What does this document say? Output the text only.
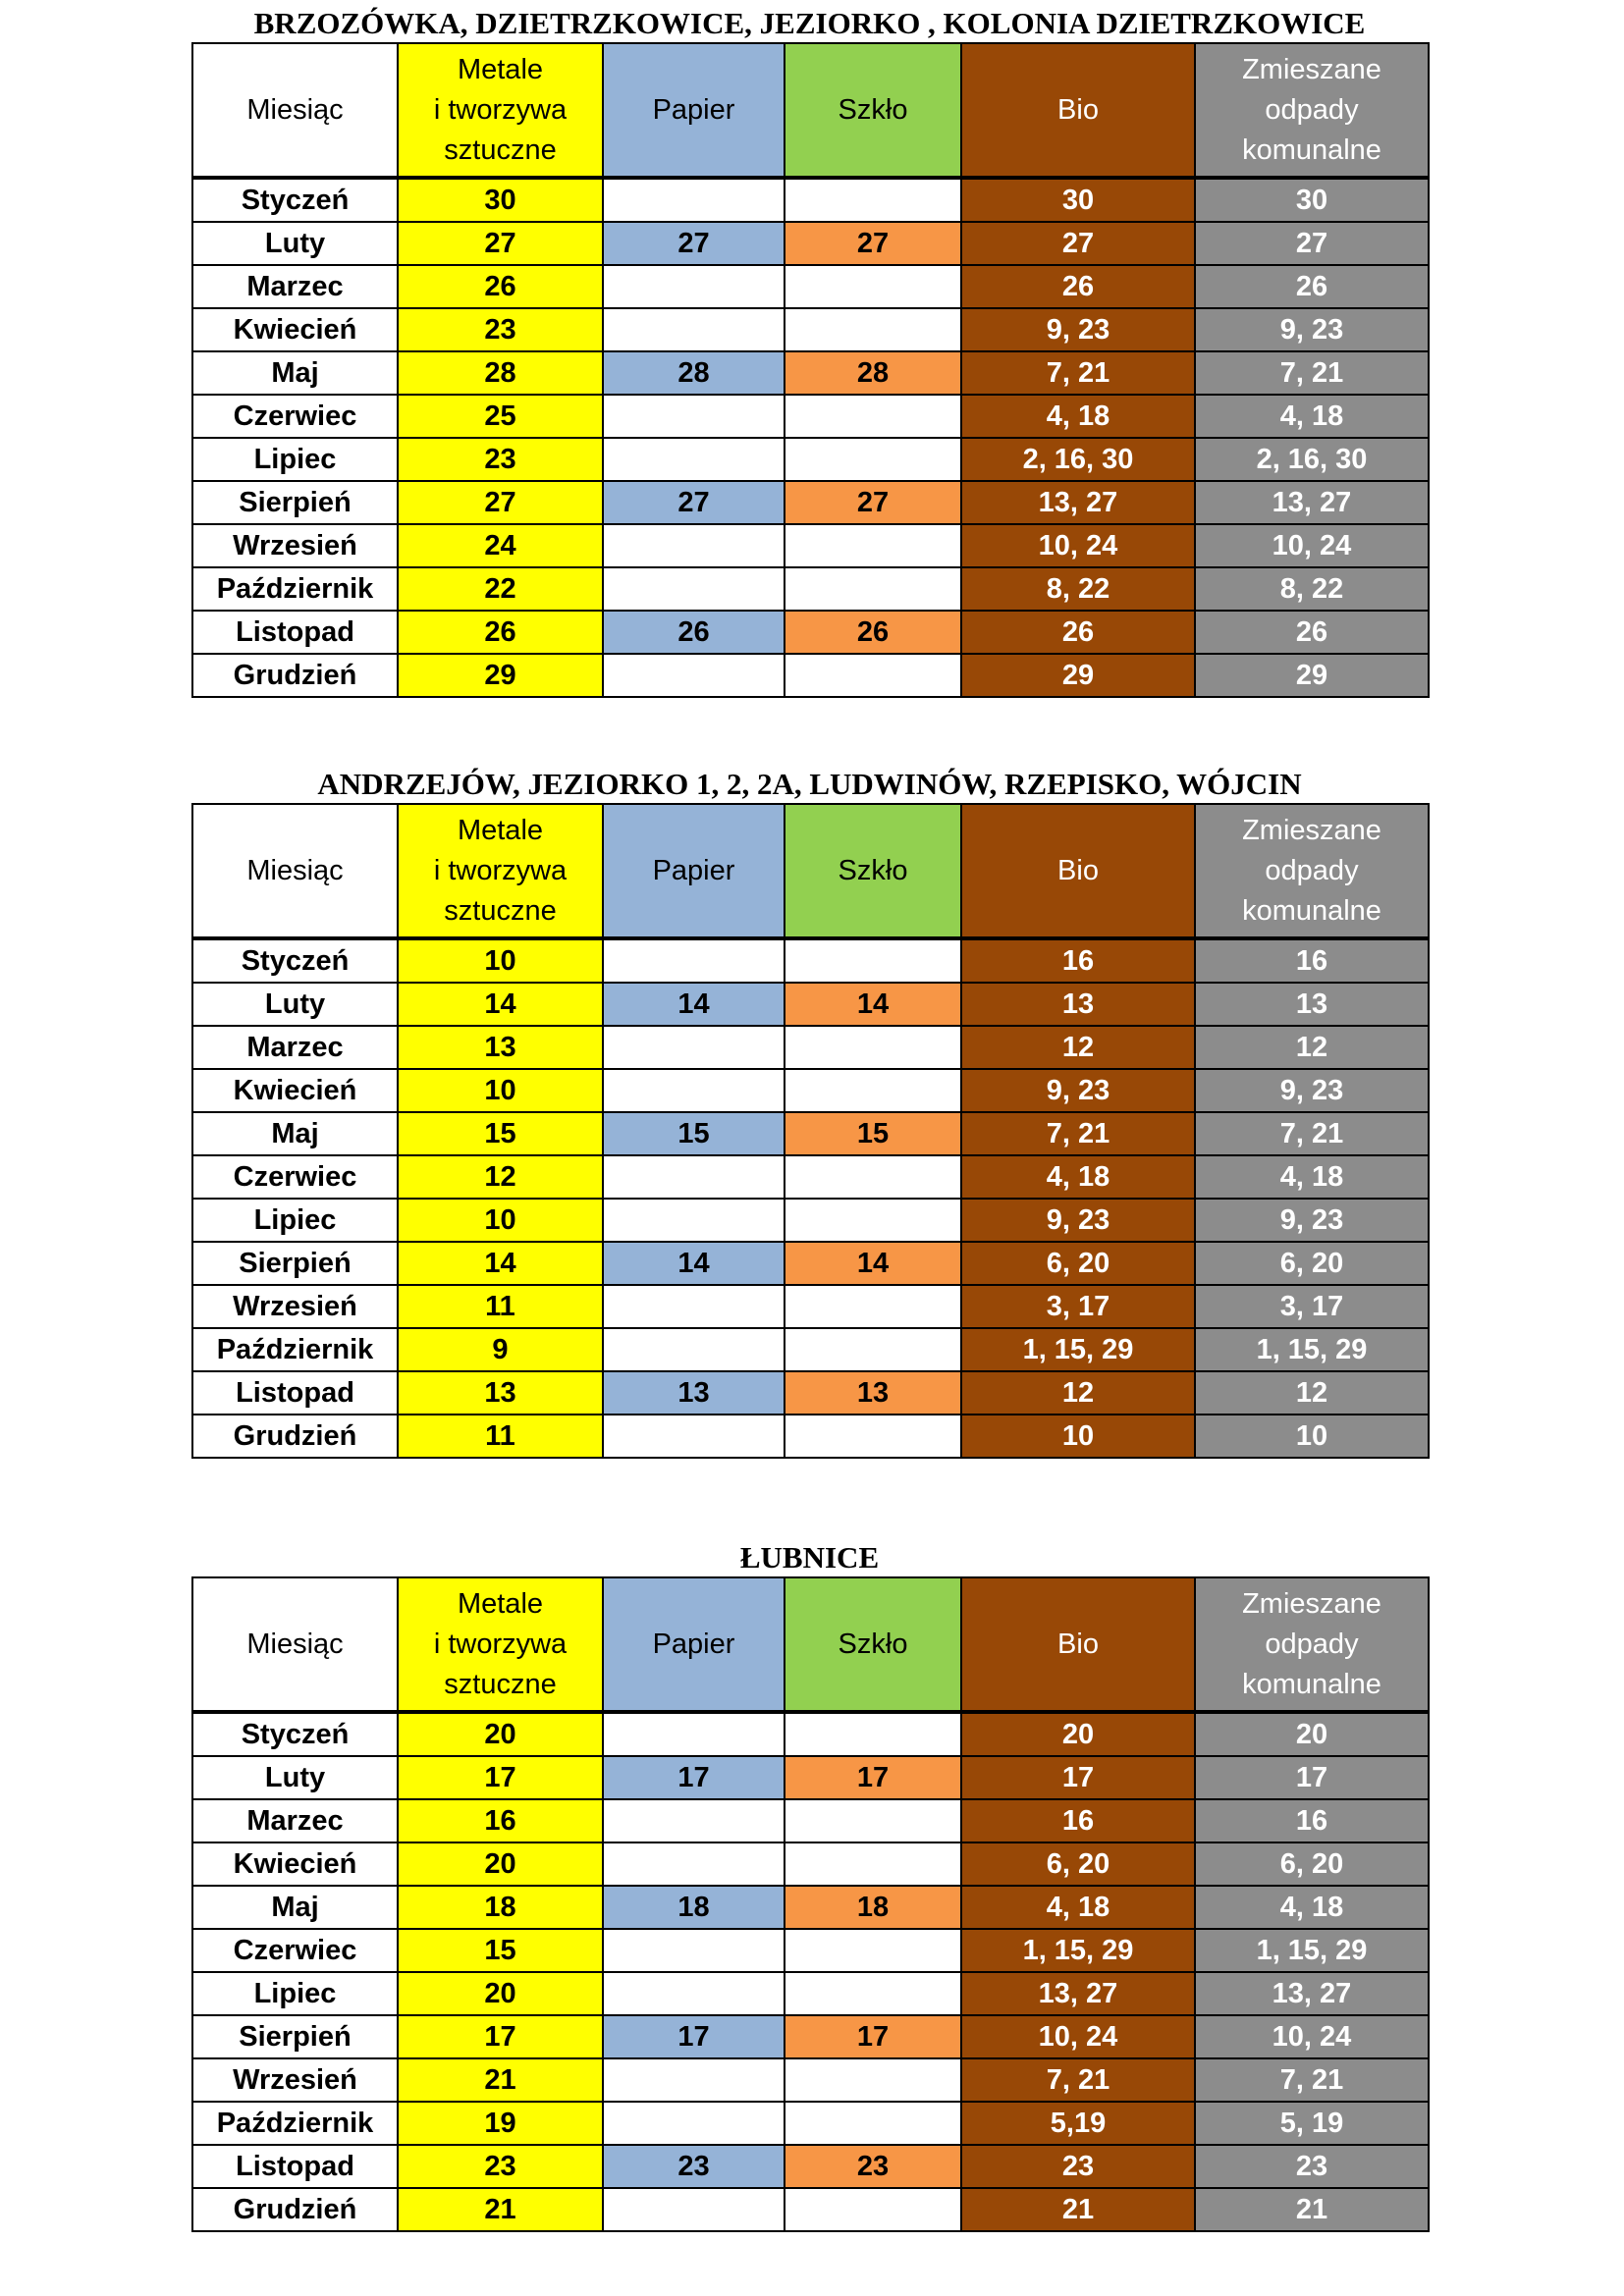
BRZOZÓWKA, DZIETRZKOWICE, JEZIORKO , KOLONIA DZIETRZKOWICE
Miesiąc	Metale
i tworzywa
sztuczne	Papier	Szkło	Bio	Zmieszane
odpady
komunalne
Styczeń	30			30	30
Luty	27	27	27	27	27
Marzec	26			26	26
Kwiecień	23			9, 23	9, 23
Maj	28	28	28	7, 21	7, 21
Czerwiec	25			4, 18	4, 18
Lipiec	23			2, 16, 30	2, 16, 30
Sierpień	27	27	27	13, 27	13, 27
Wrzesień	24			10, 24	10, 24
Październik	22			8, 22	8, 22
Listopad	26	26	26	26	26
Grudzień	29			29	29
ANDRZEJÓW, JEZIORKO 1, 2, 2A, LUDWINÓW, RZEPISKO, WÓJCIN
Miesiąc	Metale
i tworzywa
sztuczne	Papier	Szkło	Bio	Zmieszane
odpady
komunalne
Styczeń	10			16	16
Luty	14	14	14	13	13
Marzec	13			12	12
Kwiecień	10			9, 23	9, 23
Maj	15	15	15	7, 21	7, 21
Czerwiec	12			4, 18	4, 18
Lipiec	10			9, 23	9, 23
Sierpień	14	14	14	6, 20	6, 20
Wrzesień	11			3, 17	3, 17
Październik	9			1, 15, 29	1, 15, 29
Listopad	13	13	13	12	12
Grudzień	11			10	10
ŁUBNICE
Miesiąc	Metale
i tworzywa
sztuczne	Papier	Szkło	Bio	Zmieszane
odpady
komunalne
Styczeń	20			20	20
Luty	17	17	17	17	17
Marzec	16			16	16
Kwiecień	20			6, 20	6, 20
Maj	18	18	18	4, 18	4, 18
Czerwiec	15			1, 15, 29	1, 15, 29
Lipiec	20			13, 27	13, 27
Sierpień	17	17	17	10, 24	10, 24
Wrzesień	21			7, 21	7, 21
Październik	19			5,19	5, 19
Listopad	23	23	23	23	23
Grudzień	21			21	21
